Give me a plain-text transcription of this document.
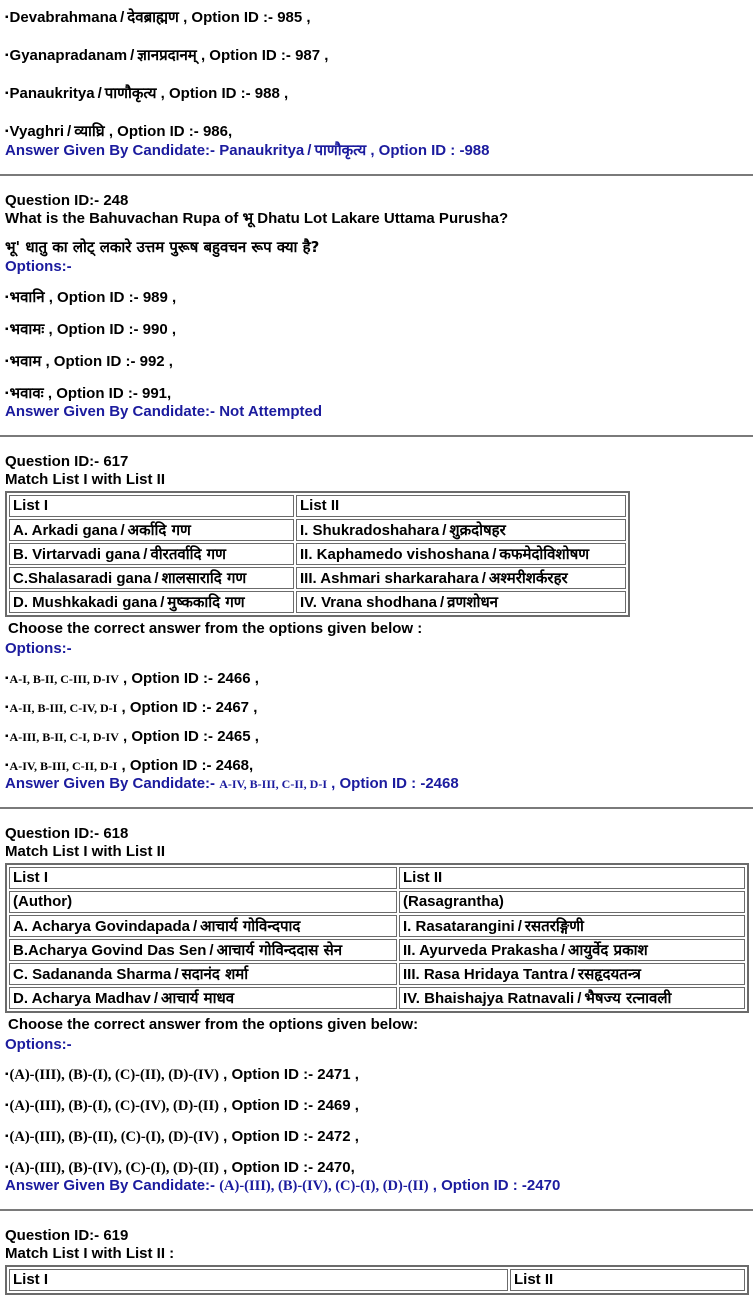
▪Devabrahmana / देवब्राह्मण , Option ID :- 985 ,
▪Gyanapradanam / ज्ञानप्रदानम् , Option ID :- 987 ,
▪Panaukritya / पाणौकृत्य , Option ID :- 988 ,
▪Vyaghri / व्याघ्रि , Option ID :- 986,
Answer Given By Candidate:- Panaukritya / पाणौकृत्य , Option ID : -988
Question ID:- 248
What is the Bahuvachan Rupa of भू Dhatu Lot Lakare Uttama Purusha?
भू' धातु का लोट् लकारे उत्तम पुरूष बहुवचन रूप क्या है?
Options:-
▪भवानि , Option ID :- 989 ,
▪भवामः , Option ID :- 990 ,
▪भवाम , Option ID :- 992 ,
▪भवावः , Option ID :- 991,
Answer Given By Candidate:- Not Attempted
Question ID:- 617
Match List I with List II
List I	List II
A. Arkadi gana / अर्कादि गण	I. Shukradoshahara / शुक्रदोषहर
B. Virtarvadi gana / वीरतर्वादि गण	II. Kaphamedo vishoshana / कफमेदोविशोषण
C.Shalasaradi gana / शालसारादि गण	III. Ashmari sharkarahara / अश्मरीशर्करहर
D. Mushkakadi gana / मुष्ककादि गण	IV. Vrana shodhana / व्रणशोधन
Choose the correct answer from the options given below :
Options:-
▪A-I, B-II, C-III, D-IV , Option ID :- 2466 ,
▪A-II, B-III, C-IV, D-I , Option ID :- 2467 ,
▪A-III, B-II, C-I, D-IV , Option ID :- 2465 ,
▪A-IV, B-III, C-II, D-I , Option ID :- 2468,
Answer Given By Candidate:- A-IV, B-III, C-II, D-I , Option ID : -2468
Question ID:- 618
Match List I with List II
List I	List II
(Author)	(Rasagrantha)
A. Acharya Govindapada / आचार्य गोविन्दपाद	I. Rasatarangini / रसतरङ्गिणी
B.Acharya Govind Das Sen / आचार्य गोविन्ददास सेन	II. Ayurveda Prakasha / आयुर्वेद प्रकाश
C. Sadananda Sharma / सदानंद शर्मा	III. Rasa Hridaya Tantra / रसहृदयतन्त्र
D. Acharya Madhav / आचार्य माधव	IV. Bhaishajya Ratnavali / भैषज्य रत्नावली
Choose the correct answer from the options given below:
Options:-
▪(A)-(III), (B)-(I), (C)-(II), (D)-(IV) , Option ID :- 2471 ,
▪(A)-(III), (B)-(I), (C)-(IV), (D)-(II) , Option ID :- 2469 ,
▪(A)-(III), (B)-(II), (C)-(I), (D)-(IV) , Option ID :- 2472 ,
▪(A)-(III), (B)-(IV), (C)-(I), (D)-(II) , Option ID :- 2470,
Answer Given By Candidate:- (A)-(III), (B)-(IV), (C)-(I), (D)-(II) , Option ID : -2470
Question ID:- 619
Match List I with List II :
List I	List II
